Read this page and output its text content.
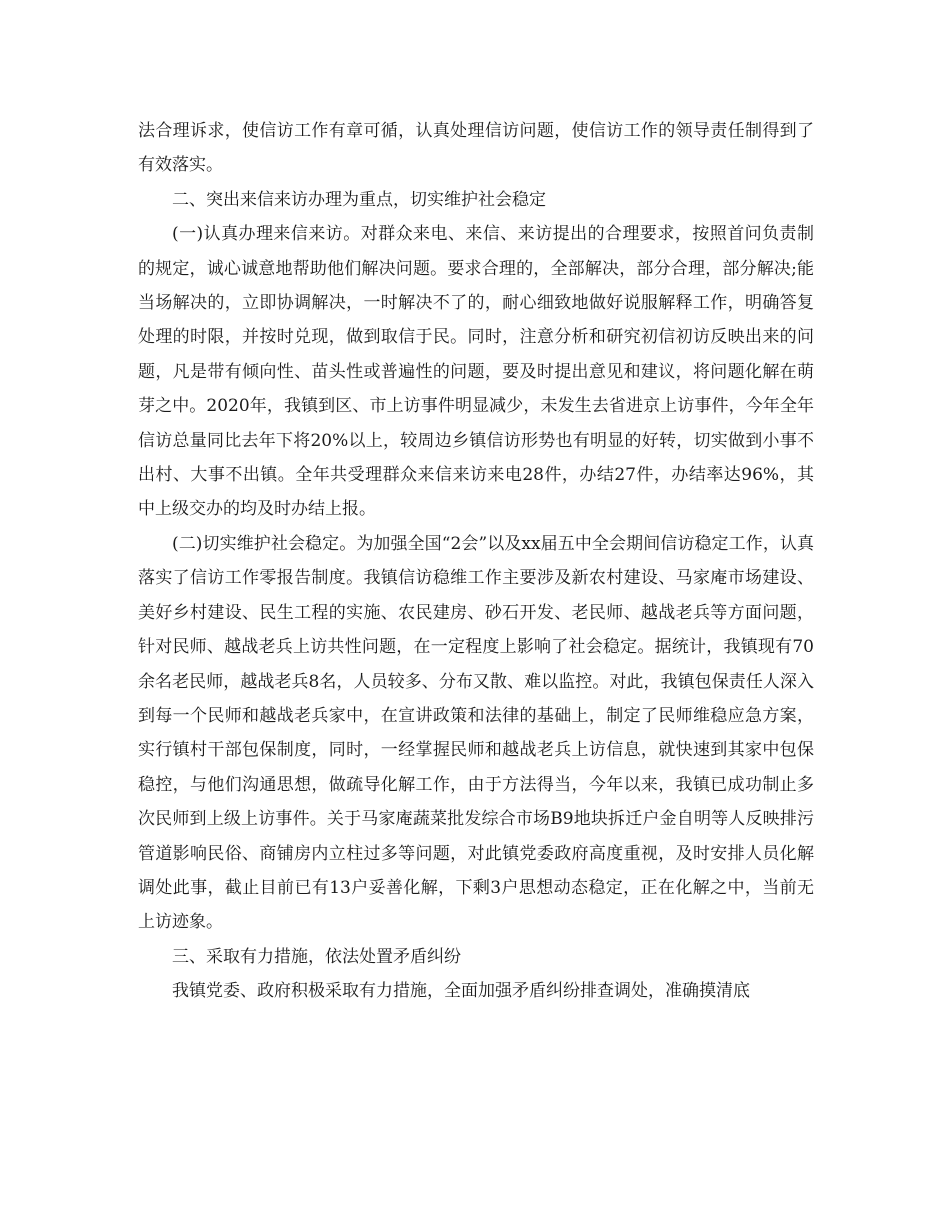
法合理诉求，使信访工作有章可循，认真处理信访问题，使信访工作的领导责任制得到了有效落实。

二、突出来信来访办理为重点，切实维护社会稳定

(一)认真办理来信来访。对群众来电、来信、来访提出的合理要求，按照首问负责制的规定，诚心诚意地帮助他们解决问题。要求合理的，全部解决，部分合理，部分解决;能当场解决的，立即协调解决，一时解决不了的，耐心细致地做好说服解释工作，明确答复处理的时限，并按时兑现，做到取信于民。同时，注意分析和研究初信初访反映出来的问题，凡是带有倾向性、苗头性或普遍性的问题，要及时提出意见和建议，将问题化解在萌芽之中。2020年，我镇到区、市上访事件明显减少，未发生去省进京上访事件，今年全年信访总量同比去年下将20%以上，较周边乡镇信访形势也有明显的好转，切实做到小事不出村、大事不出镇。全年共受理群众来信来访来电28件，办结27件，办结率达96%，其中上级交办的均及时办结上报。

(二)切实维护社会稳定。为加强全国“2会”以及xx届五中全会期间信访稳定工作，认真落实了信访工作零报告制度。我镇信访稳维工作主要涉及新农村建设、马家庵市场建设、美好乡村建设、民生工程的实施、农民建房、砂石开发、老民师、越战老兵等方面问题，针对民师、越战老兵上访共性问题，在一定程度上影响了社会稳定。据统计，我镇现有70余名老民师，越战老兵8名，人员较多、分布又散、难以监控。对此，我镇包保责任人深入到每一个民师和越战老兵家中，在宣讲政策和法律的基础上，制定了民师维稳应急方案，实行镇村干部包保制度，同时，一经掌握民师和越战老兵上访信息，就快速到其家中包保稳控，与他们沟通思想，做疏导化解工作，由于方法得当，今年以来，我镇已成功制止多次民师到上级上访事件。关于马家庵蔬菜批发综合市场B9地块拆迁户金自明等人反映排污管道影响民俗、商铺房内立柱过多等问题，对此镇党委政府高度重视，及时安排人员化解调处此事，截止目前已有13户妥善化解，下剩3户思想动态稳定，正在化解之中，当前无上访迹象。

三、采取有力措施，依法处置矛盾纠纷

我镇党委、政府积极采取有力措施，全面加强矛盾纠纷排查调处，准确摸清底
